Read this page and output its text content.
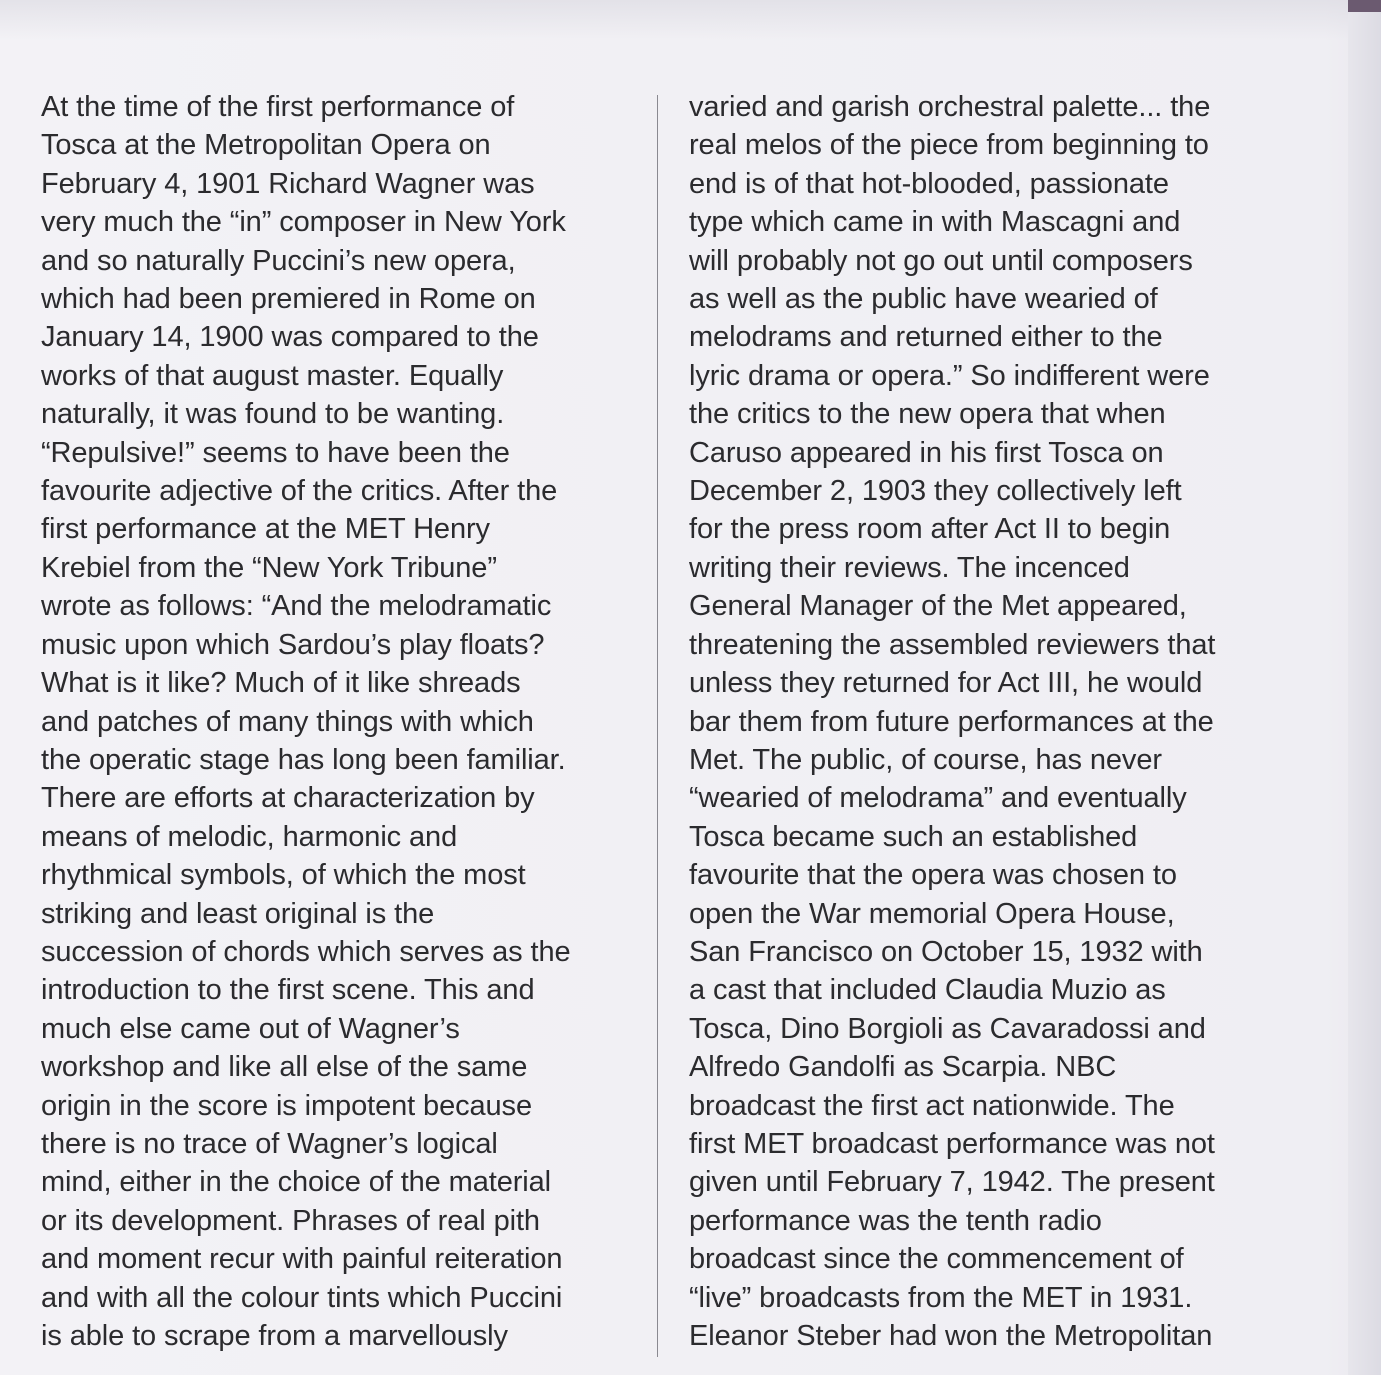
At the time of the first performance of

Tosca at the Metropolitan Opera on

February 4, 1901 Richard Wagner was

very much the “in” composer in New York

and so naturally Puccini’s new opera,

which had been premiered in Rome on

January 14, 1900 was compared to the

works of that august master. Equally

naturally, it was found to be wanting.

“Repulsive!” seems to have been the

favourite adjective of the critics. After the

first performance at the MET Henry

Krebiel from the “New York Tribune”

wrote as follows: “And the melodramatic

music upon which Sardou’s play floats?

What is it like? Much of it like shreads

and patches of many things with which

the operatic stage has long been familiar.

There are efforts at characterization by

means of melodic, harmonic and

rhythmical symbols, of which the most

striking and least original is the

succession of chords which serves as the

introduction to the first scene. This and

much else came out of Wagner’s

workshop and like all else of the same

origin in the score is impotent because

there is no trace of Wagner’s logical

mind, either in the choice of the material

or its development. Phrases of real pith

and moment recur with painful reiteration

and with all the colour tints which Puccini

is able to scrape from a marvellously

varied and garish orchestral palette... the

real melos of the piece from beginning to

end is of that hot-blooded, passionate

type which came in with Mascagni and

will probably not go out until composers

as well as the public have wearied of

melodrams and returned either to the

lyric drama or opera.” So indifferent were

the critics to the new opera that when

Caruso appeared in his first Tosca on

December 2, 1903 they collectively left

for the press room after Act II to begin

writing their reviews. The incenced

General Manager of the Met appeared,

threatening the assembled reviewers that

unless they returned for Act III, he would

bar them from future performances at the

Met. The public, of course, has never

“wearied of melodrama” and eventually

Tosca became such an established

favourite that the opera was chosen to

open the War memorial Opera House,

San Francisco on October 15, 1932 with

a cast that included Claudia Muzio as

Tosca, Dino Borgioli as Cavaradossi and

Alfredo Gandolfi as Scarpia. NBC

broadcast the first act nationwide. The

first MET broadcast performance was not

given until February 7, 1942. The present

performance was the tenth radio

broadcast since the commencement of

“live” broadcasts from the MET in 1931.

Eleanor Steber had won the Metropolitan
